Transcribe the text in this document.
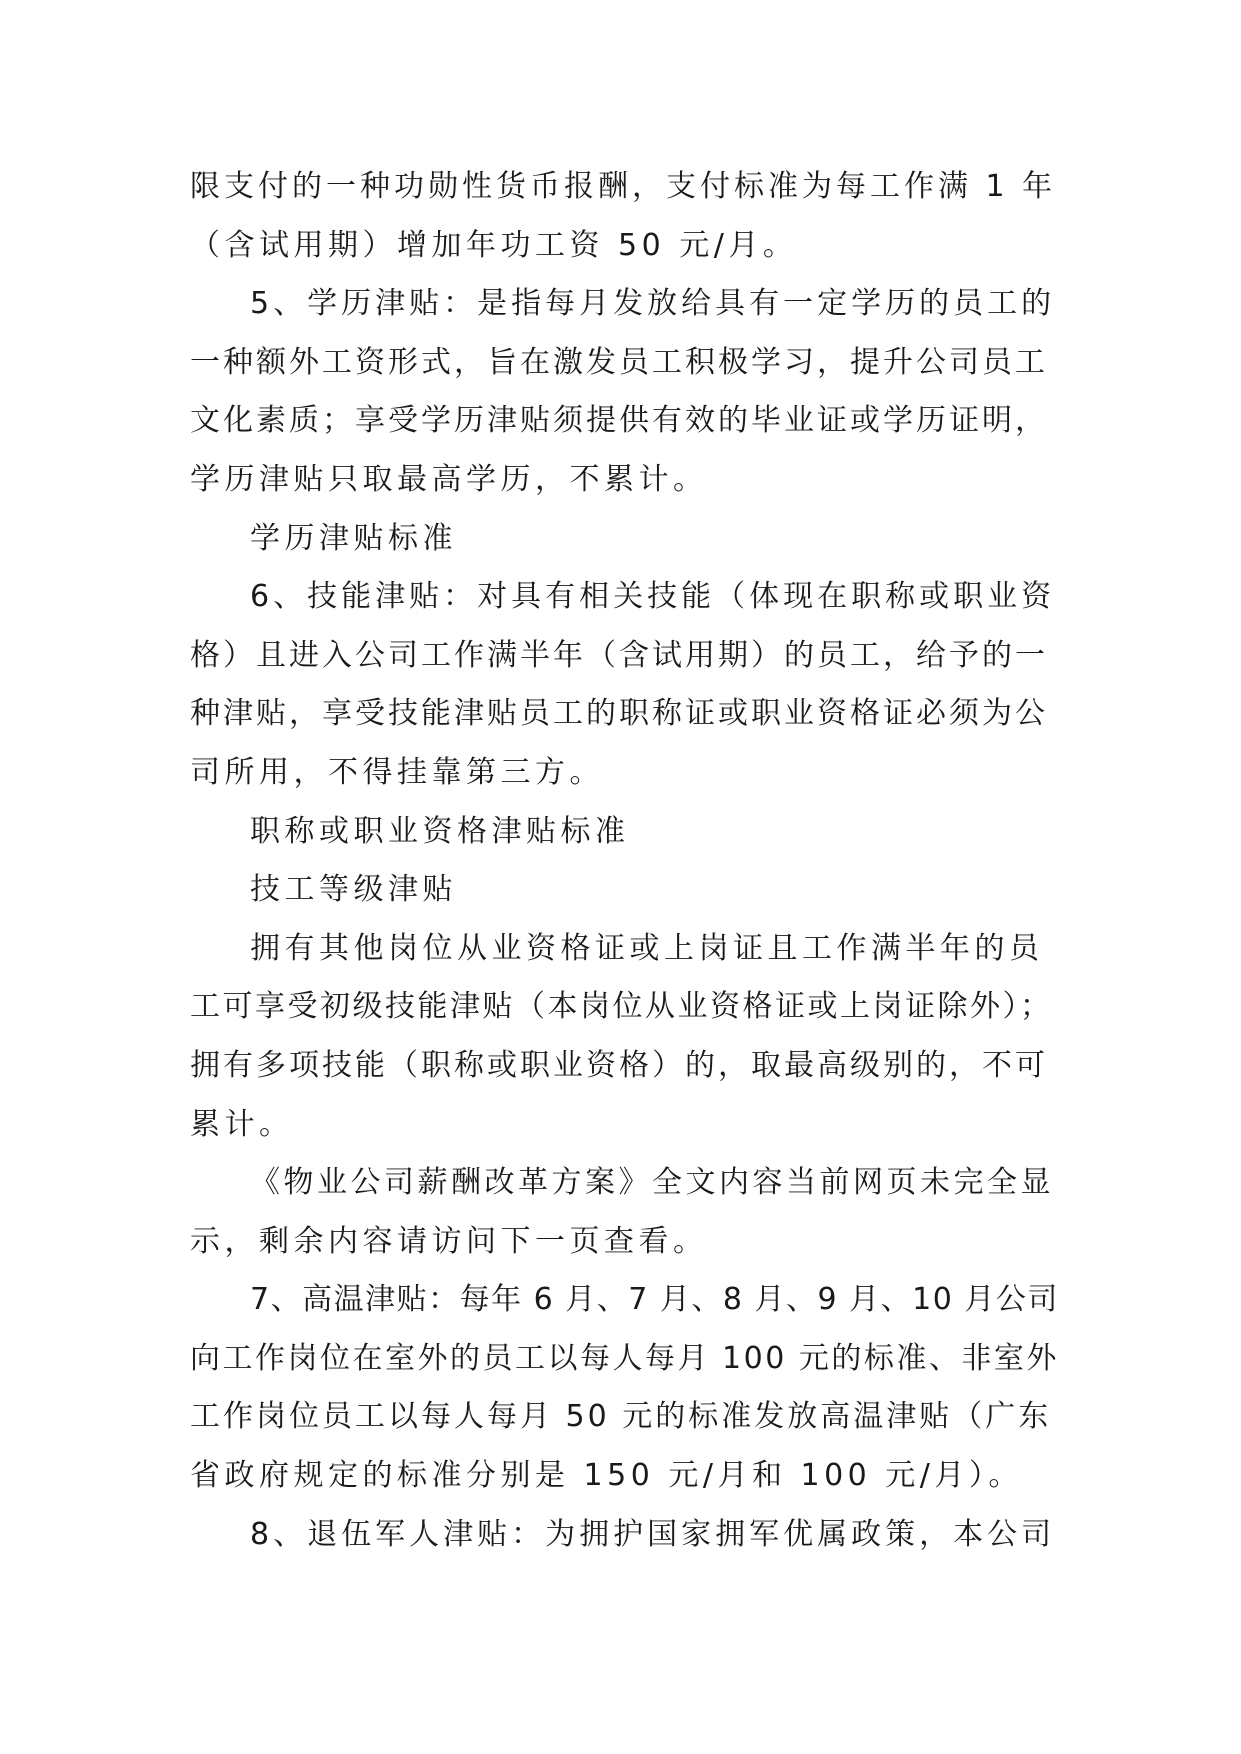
限支付的一种功勋性货币报酬，支付标准为每工作满 1 年
（含试用期）增加年功工资 50 元/月。
5、学历津贴：是指每月发放给具有一定学历的员工的
一种额外工资形式，旨在激发员工积极学习，提升公司员工
文化素质；享受学历津贴须提供有效的毕业证或学历证明，
学历津贴只取最高学历，不累计。
学历津贴标准
6、技能津贴：对具有相关技能（体现在职称或职业资
格）且进入公司工作满半年（含试用期）的员工，给予的一
种津贴，享受技能津贴员工的职称证或职业资格证必须为公
司所用，不得挂靠第三方。
职称或职业资格津贴标准
技工等级津贴
拥有其他岗位从业资格证或上岗证且工作满半年的员
工可享受初级技能津贴（本岗位从业资格证或上岗证除外）；
拥有多项技能（职称或职业资格）的，取最高级别的，不可
累计。
《物业公司薪酬改革方案》全文内容当前网页未完全显
示，剩余内容请访问下一页查看。
7、高温津贴：每年 6 月、7 月、8 月、9 月、10 月公司
向工作岗位在室外的员工以每人每月 100 元的标准、非室外
工作岗位员工以每人每月 50 元的标准发放高温津贴（广东
省政府规定的标准分别是 150 元/月和 100 元/月）。
8、退伍军人津贴：为拥护国家拥军优属政策，本公司
